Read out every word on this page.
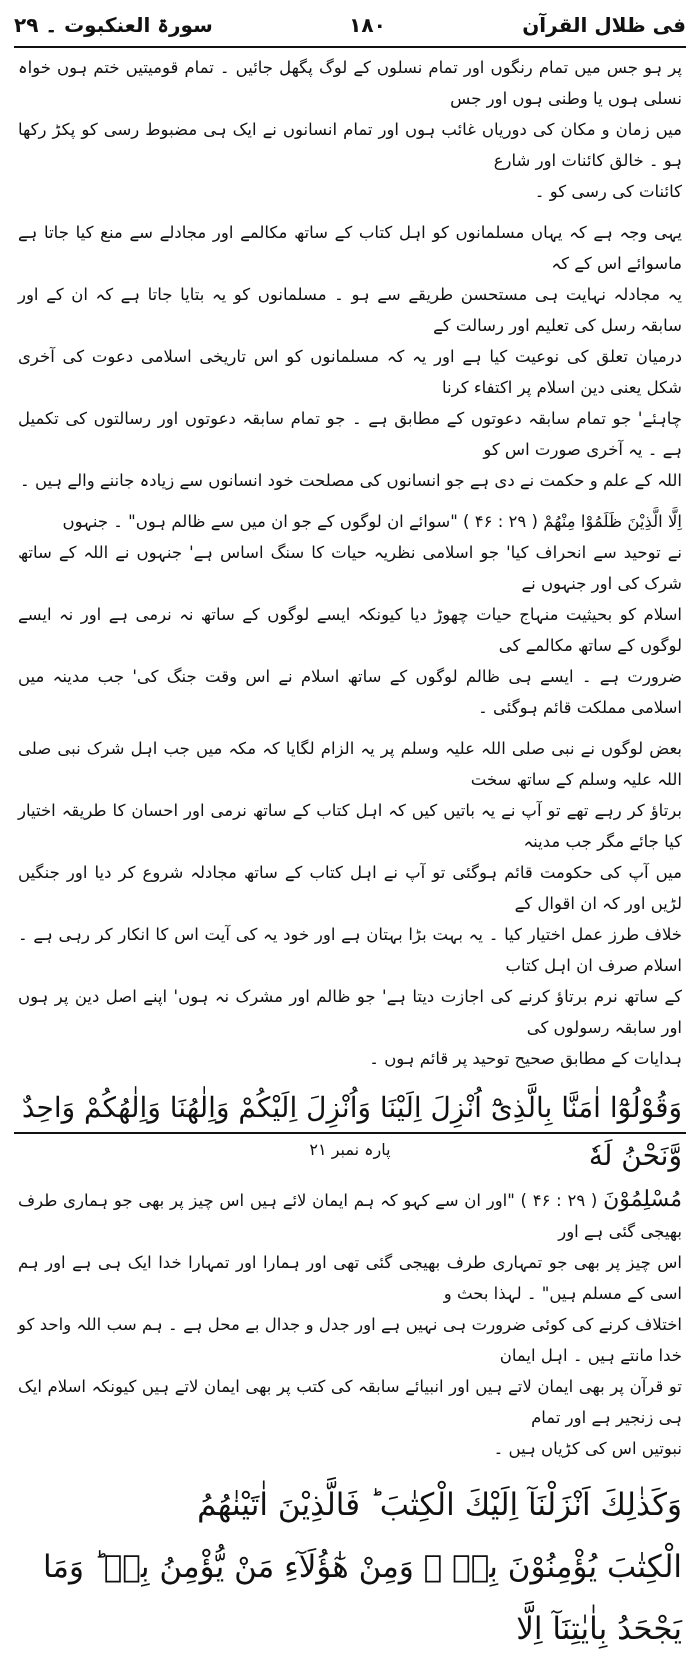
فی ظلال القرآن
۱۸۰
سورۃ العنکبوت ۔ ۲۹

پر ہو جس میں تمام رنگوں اور تمام نسلوں کے لوگ پگھل جائیں ۔ تمام قومیتیں ختم ہوں خواہ نسلی ہوں یا وطنی ہوں اور جس

میں زمان و مکان کی دوریاں غائب ہوں اور تمام انسانوں نے ایک ہی مضبوط رسی کو پکڑ رکھا ہو ۔ خالق کائنات اور شارع

کائنات کی رسی کو ۔

یہی وجہ ہے کہ یہاں مسلمانوں کو اہل کتاب کے ساتھ مکالمے اور مجادلے سے منع کیا جاتا ہے ماسوائے اس کے کہ

یہ مجادلہ نہایت ہی مستحسن طریقے سے ہو ۔ مسلمانوں کو یہ بتایا جاتا ہے کہ ان کے اور سابقہ رسل کی تعلیم اور رسالت کے

درمیان تعلق کی نوعیت کیا ہے اور یہ کہ مسلمانوں کو اس تاریخی اسلامی دعوت کی آخری شکل یعنی دین اسلام پر اکتفاء کرنا

چاہئے' جو تمام سابقہ دعوتوں کے مطابق ہے ۔ جو تمام سابقہ دعوتوں اور رسالتوں کی تکمیل ہے ۔ یہ آخری صورت اس کو

اللہ کے علم و حکمت نے دی ہے جو انسانوں کی مصلحت خود انسانوں سے زیادہ جاننے والے ہیں ۔

اِلَّا الَّذِیْنَ ظَلَمُوْا مِنْهُمْ ( ۲۹ : ۴۶ ) "سوائے ان لوگوں کے جو ان میں سے ظالم ہوں" ۔ جنہوں

نے توحید سے انحراف کیا' جو اسلامی نظریہ حیات کا سنگ اساس ہے' جنہوں نے اللہ کے ساتھ شرک کی اور جنہوں نے

اسلام کو بحیثیت منہاج حیات چھوڑ دیا کیونکہ ایسے لوگوں کے ساتھ نہ نرمی ہے اور نہ ایسے لوگوں کے ساتھ مکالمے کی

ضرورت ہے ۔ ایسے ہی ظالم لوگوں کے ساتھ اسلام نے اس وقت جنگ کی' جب مدینہ میں اسلامی مملکت قائم ہوگئی ۔

بعض لوگوں نے نبی صلی اللہ علیہ وسلم پر یہ الزام لگایا کہ مکہ میں جب اہل شرک نبی صلی اللہ علیہ وسلم کے ساتھ سخت

برتاؤ کر رہے تھے تو آپ نے یہ باتیں کیں کہ اہل کتاب کے ساتھ نرمی اور احسان کا طریقہ اختیار کیا جائے مگر جب مدینہ

میں آپ کی حکومت قائم ہوگئی تو آپ نے اہل کتاب کے ساتھ مجادلہ شروع کر دیا اور جنگیں لڑیں اور کہ ان اقوال کے

خلاف طرز عمل اختیار کیا ۔ یہ بہت بڑا بہتان ہے اور خود یہ کی آیت اس کا انکار کر رہی ہے ۔ اسلام صرف ان اہل کتاب

کے ساتھ نرم برتاؤ کرنے کی اجازت دیتا ہے' جو ظالم اور مشرک نہ ہوں' اپنے اصل دین پر ہوں اور سابقہ رسولوں کی

ہدایات کے مطابق صحیح توحید پر قائم ہوں ۔

وَقُوْلُوْٓا اٰمَنَّا بِالَّذِیْٓ اُنْزِلَ اِلَیْنَا وَاُنْزِلَ اِلَیْكُمْ وَاِلٰهُنَا وَاِلٰهُكُمْ وَاحِدٌ وَّنَحْنُ لَهٗ

مُسْلِمُوْنَ ( ۲۹ : ۴۶ ) "اور ان سے کہو کہ ہم ایمان لائے ہیں اس چیز پر بھی جو ہماری طرف بھیجی گئی ہے اور

اس چیز پر بھی جو تمہاری طرف بھیجی گئی تھی اور ہمارا اور تمہارا خدا ایک ہی ہے اور ہم اسی کے مسلم ہیں" ۔ لہذا بحث و

اختلاف کرنے کی کوئی ضرورت ہی نہیں ہے اور جدل و جدال بے محل ہے ۔ ہم سب اللہ واحد کو خدا مانتے ہیں ۔ اہل ایمان

تو قرآن پر بھی ایمان لاتے ہیں اور انبیائے سابقہ کی کتب پر بھی ایمان لاتے ہیں کیونکہ اسلام ایک ہی زنجیر ہے اور تمام

نبوتیں اس کی کڑیاں ہیں ۔

وَكَذٰلِكَ اَنْزَلْنَآ اِلَیْكَ الْكِتٰبَ ؕ فَالَّذِیْنَ اٰتَیْنٰهُمُ
الْكِتٰبَ یُؤْمِنُوْنَ بِهٖ ۚ وَمِنْ هٰٓؤُلَآءِ مَنْ یُّؤْمِنُ بِهٖ ؕ وَمَا یَجْحَدُ بِاٰیٰتِنَآ اِلَّا
پارہ نمبر ۲۱
